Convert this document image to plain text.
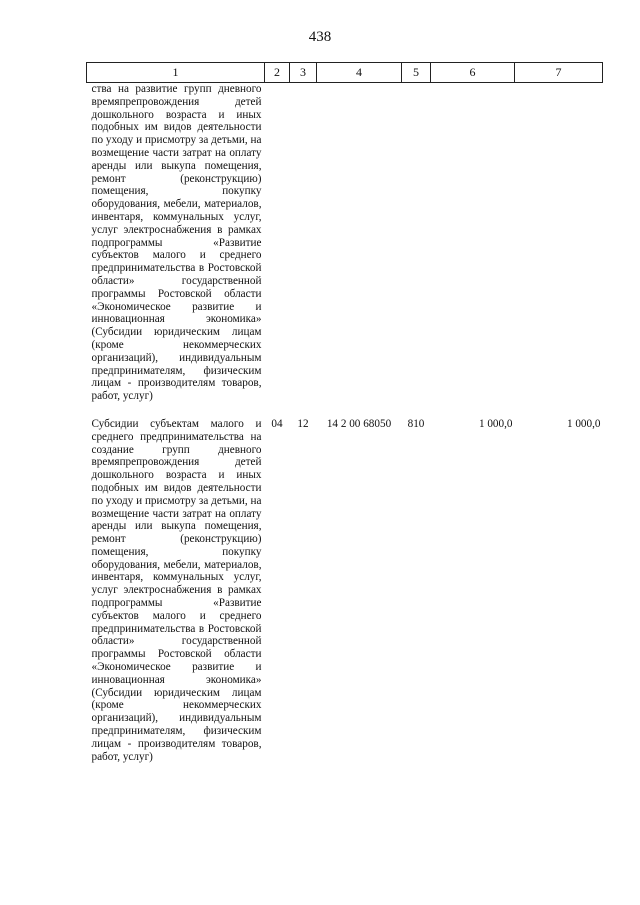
438
1	2	3	4	5	6	7
ства на развитие групп дневного времяпрепровождения детей дошкольного возраста и иных подобных им видов деятельности по уходу и присмотру за детьми, на возмещение части затрат на оплату аренды или выкупа помещения, ремонт (реконструкцию) помещения, покупку оборудования, мебели, материалов, инвентаря, коммунальных услуг, услуг электроснабжения в рамках подпрограммы «Развитие субъектов малого и среднего предпринимательства в Ростовской области» государственной программы Ростовской области «Экономическое развитие и инновационная экономика» (Субсидии юридическим лицам (кроме некоммерческих организаций), индивидуальным предпринимателям, физическим лицам - производителям товаров, работ, услуг)						
Субсидии субъектам малого и среднего предпринимательства на создание групп дневного времяпрепровождения детей дошкольного возраста и иных подобных им видов деятельности по уходу и присмотру за детьми, на возмещение части затрат на оплату аренды или выкупа помещения, ремонт (реконструкцию) помещения, покупку оборудования, мебели, материалов, инвентаря, коммунальных услуг, услуг электроснабжения в рамках подпрограммы «Развитие субъектов малого и среднего предпринимательства в Ростовской области» государственной программы Ростовской области «Экономическое развитие и инновационная экономика» (Субсидии юридическим лицам (кроме некоммерческих организаций), индивидуальным предпринимателям, физическим лицам - производителям товаров, работ, услуг)	04	12	14 2 00 68050	810	1 000,0	1 000,0
